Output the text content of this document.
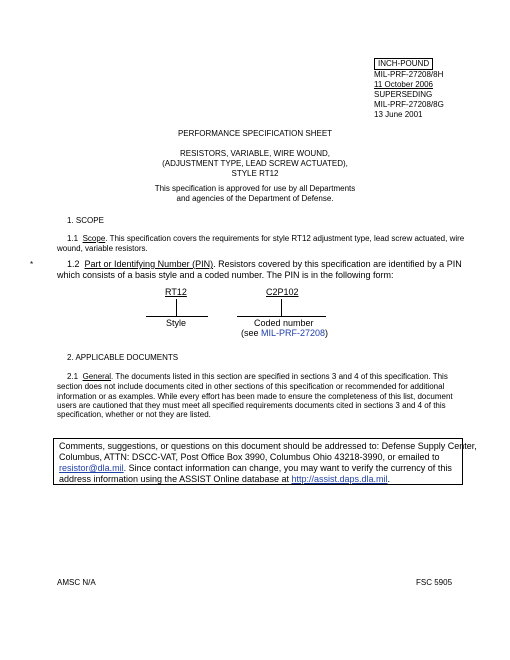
INCH-POUND
MIL-PRF-27208/8H
11 October 2006
SUPERSEDING
MIL-PRF-27208/8G
13 June 2001
PERFORMANCE SPECIFICATION SHEET
RESISTORS, VARIABLE, WIRE WOUND,
(ADJUSTMENT TYPE, LEAD SCREW ACTUATED),
STYLE RT12
This specification is approved for use by all Departments
and agencies of the Department of Defense.
1. SCOPE
1.1 Scope. This specification covers the requirements for style RT12 adjustment type, lead screw actuated, wire
wound, variable resistors.
*	1.2 Part or Identifying Number (PIN). Resistors covered by this specification are identified by a PIN
which consists of a basis style and a coded number. The PIN is in the following form:
RT12	C2P102
Style	Coded number
(see MIL-PRF-27208)
2. APPLICABLE DOCUMENTS
2.1 General. The documents listed in this section are specified in sections 3 and 4 of this specification. This
section does not include documents cited in other sections of this specification or recommended for additional
information or as examples. While every effort has been made to ensure the completeness of this list, document
users are cautioned that they must meet all specified requirements documents cited in sections 3 and 4 of this
specification, whether or not they are listed.
Comments, suggestions, or questions on this document should be addressed to: Defense Supply Center,
Columbus, ATTN: DSCC-VAT, Post Office Box 3990, Columbus Ohio 43218-3990, or emailed to
resistor@dla.mil. Since contact information can change, you may want to verify the currency of this
address information using the ASSIST Online database at http://assist.daps.dla.mil.
AMSC N/A	FSC 5905
